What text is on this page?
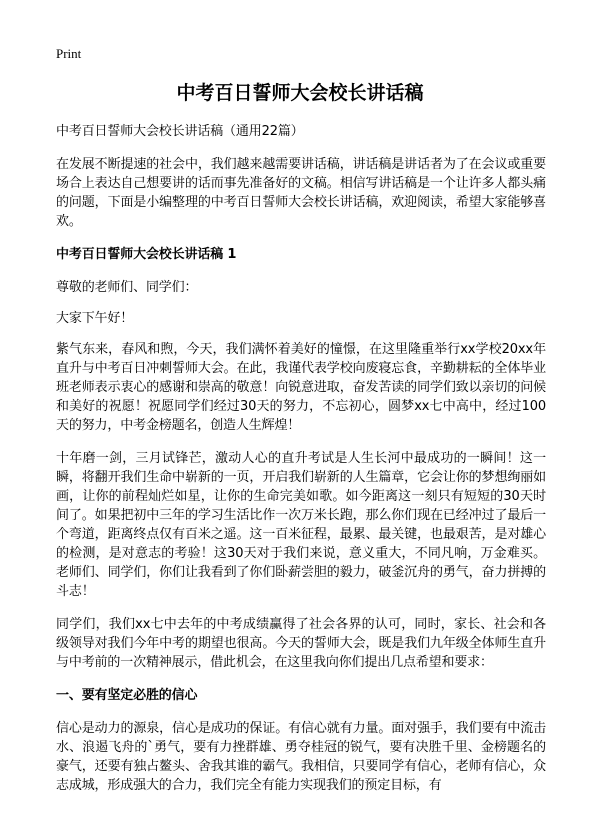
Print
中考百日誓师大会校长讲话稿

中考百日誓师大会校长讲话稿（通用22篇）

在发展不断提速的社会中，我们越来越需要讲话稿，讲话稿是讲话者为了在会议或重要场合上表达自己想要讲的话而事先准备好的文稿。相信写讲话稿是一个让许多人都头痛的问题，下面是小编整理的中考百日誓师大会校长讲话稿，欢迎阅读，希望大家能够喜欢。

中考百日誓师大会校长讲话稿 1

尊敬的老师们、同学们：

大家下午好！

紫气东来，春风和煦，今天，我们满怀着美好的憧憬，在这里隆重举行xx学校20xx年直升与中考百日冲刺誓师大会。在此，我谨代表学校向废寝忘食，辛勤耕耘的全体毕业班老师表示衷心的感谢和崇高的敬意！向锐意进取，奋发苦读的同学们致以亲切的问候和美好的祝愿！祝愿同学们经过30天的努力，不忘初心，圆梦xx七中高中，经过100天的努力，中考金榜题名，创造人生辉煌！

十年磨一剑，三月试锋芒，激动人心的直升考试是人生长河中最成功的一瞬间！这一瞬，将翻开我们生命中崭新的一页，开启我们崭新的人生篇章，它会让你的梦想绚丽如画，让你的前程灿烂如星，让你的生命完美如歌。如今距离这一刻只有短短的30天时间了。如果把初中三年的学习生活比作一次万米长跑，那么你们现在已经冲过了最后一个弯道，距离终点仅有百米之遥。这一百米征程，最累、最关键，也最艰苦，是对雄心的检测，是对意志的考验！这30天对于我们来说，意义重大，不同凡响，万金难买。老师们、同学们，你们让我看到了你们卧薪尝胆的毅力，破釜沉舟的勇气，奋力拼搏的斗志！

同学们，我们xx七中去年的中考成绩赢得了社会各界的认可，同时，家长、社会和各级领导对我们今年中考的期望也很高。今天的誓师大会，既是我们九年级全体师生直升与中考前的一次精神展示，借此机会，在这里我向你们提出几点希望和要求：

一、要有坚定必胜的信心

信心是动力的源泉，信心是成功的保证。有信心就有力量。面对强手，我们要有中流击水、浪遏飞舟的`勇气，要有力挫群雄、勇夺桂冠的锐气，要有决胜千里、金榜题名的豪气，还要有独占鳌头、舍我其谁的霸气。我相信，只要同学有信心，老师有信心，众志成城，形成强大的合力，我们完全有能力实现我们的预定目标，有
